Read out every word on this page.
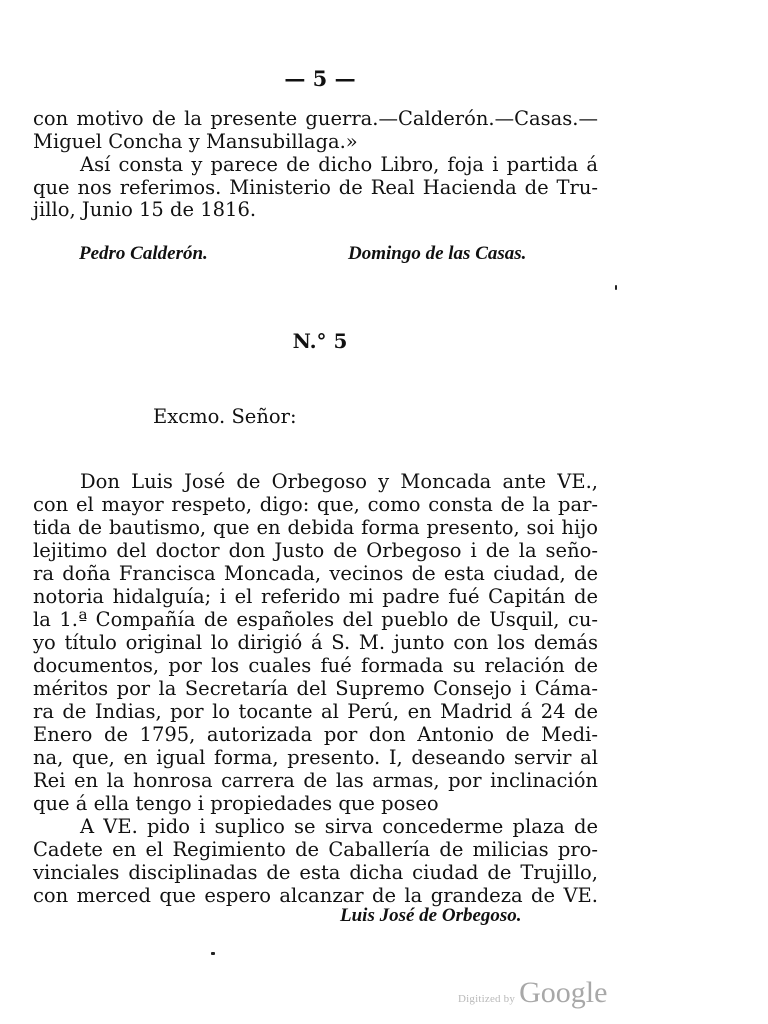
— 5 —
con motivo de la presente guerra.—Calderón.—Casas.—
Miguel Concha y Mansubillaga.»
Así consta y parece de dicho Libro, foja i partida á
que nos referimos. Ministerio de Real Hacienda de Tru-
jillo, Junio 15 de 1816.
Pedro Calderón.	Domingo de las Casas.
N.° 5
Excmo. Señor:
Don Luis José de Orbegoso y Moncada ante VE.,
con el mayor respeto, digo: que, como consta de la par-
tida de bautismo, que en debida forma presento, soi hijo
lejitimo del doctor don Justo de Orbegoso i de la seño-
ra doña Francisca Moncada, vecinos de esta ciudad, de
notoria hidalguía; i el referido mi padre fué Capitán de
la 1.ª Compañía de españoles del pueblo de Usquil, cu-
yo título original lo dirigió á S. M. junto con los demás
documentos, por los cuales fué formada su relación de
méritos por la Secretaría del Supremo Consejo i Cáma-
ra de Indias, por lo tocante al Perú, en Madrid á 24 de
Enero de 1795, autorizada por don Antonio de Medi-
na, que, en igual forma, presento. I, deseando servir al
Rei en la honrosa carrera de las armas, por inclinación
que á ella tengo i propiedades que poseo
A VE. pido i suplico se sirva concederme plaza de
Cadete en el Regimiento de Caballería de milicias pro-
vinciales disciplinadas de esta dicha ciudad de Trujillo,
con merced que espero alcanzar de la grandeza de VE.
Luis José de Orbegoso.
Digitized by Google
